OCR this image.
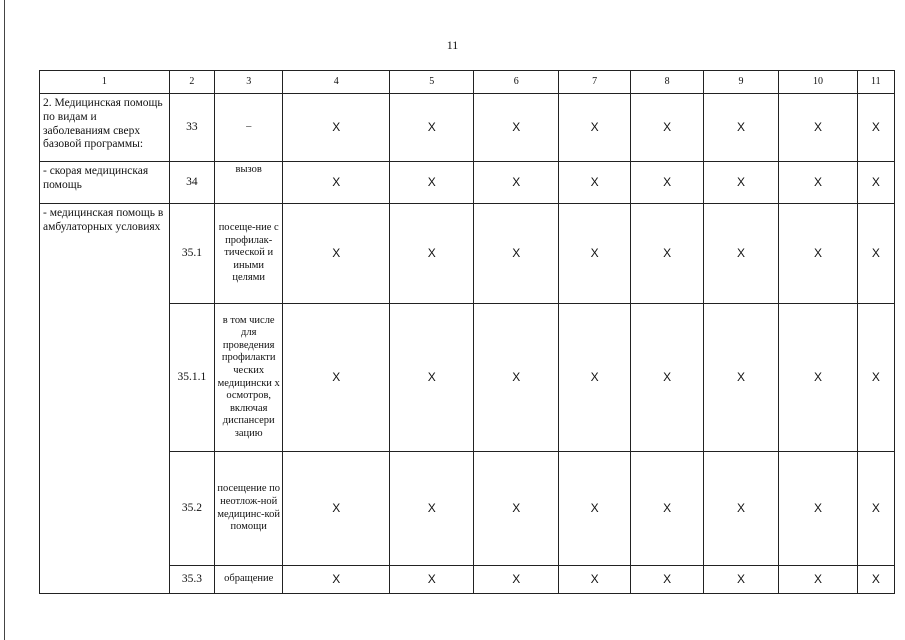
11
1	2	3	4	5	6	7	8	9	10	11
2. Медицинская помощь по видам и заболеваниям сверх базовой программы:	33	–	X	X	X	X	X	X	X	X
- скорая медицинская помощь	34	вызов	X	X	X	X	X	X	X	X
- медицинская помощь в амбулаторных условиях	35.1	посеще-ние с профилак-тической и иными целями	X	X	X	X	X	X	X	X
	35.1.1	в том числе для проведения профилакти ческих медицински х осмотров, включая диспансери зацию	X	X	X	X	X	X	X	X
	35.2	посещение по неотлож-ной медицинс-кой помощи	X	X	X	X	X	X	X	X
	35.3	обращение	X	X	X	X	X	X	X	X
